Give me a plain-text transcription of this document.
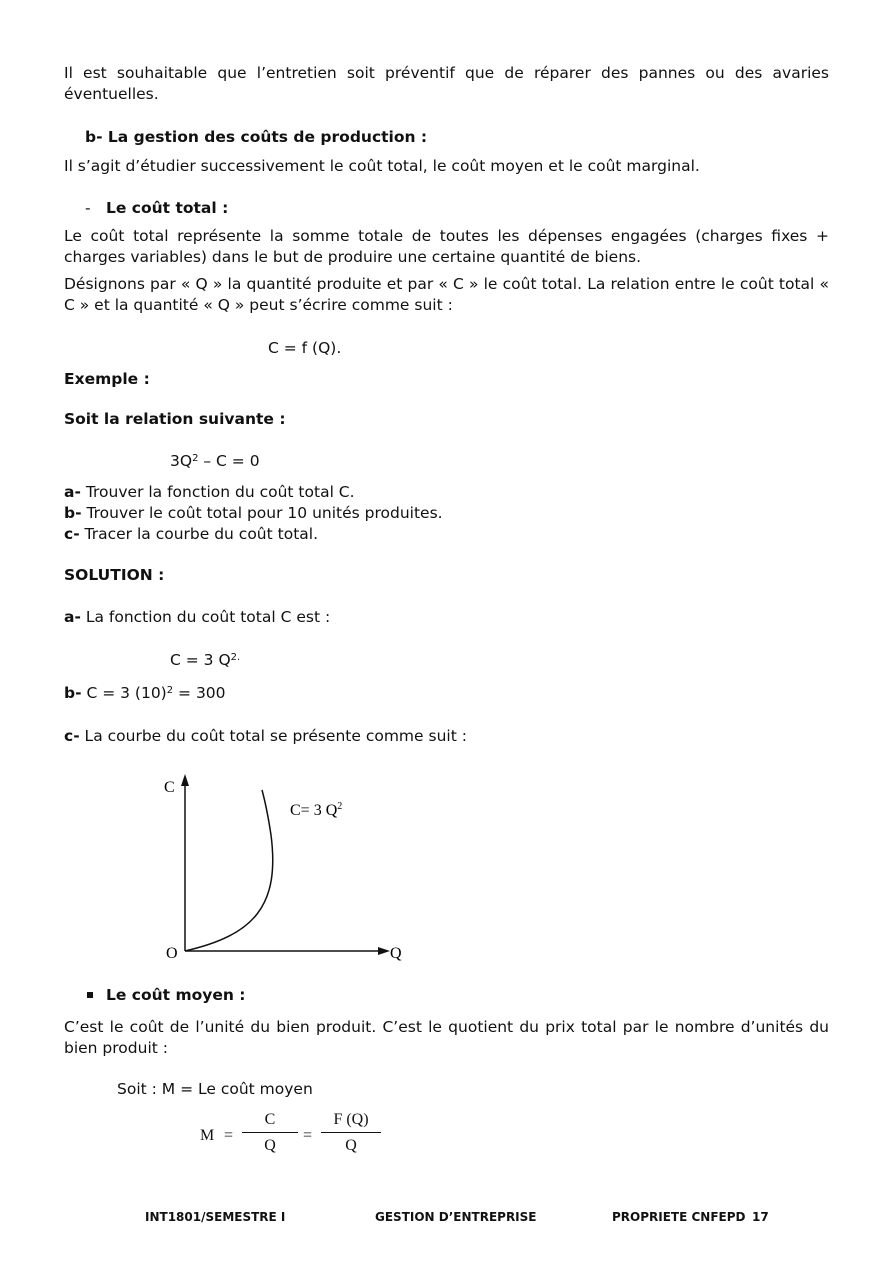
Il est souhaitable que l’entretien soit préventif que de réparer des pannes ou des avaries éventuelles.
b- La gestion des coûts de production :
Il s’agit d’étudier successivement le coût total, le coût moyen et le coût marginal.
- Le coût total :
Le coût total représente la somme totale de toutes les dépenses engagées (charges fixes + charges variables) dans le but de produire une certaine quantité de biens.
Désignons par « Q » la quantité produite et par « C » le coût total. La relation entre le coût total « C » et la quantité « Q » peut s’écrire comme suit :
C = f (Q).
Exemple :
Soit la relation suivante :
$3Q^2 - C = 0$
a- Trouver la fonction du coût total C.
b- Trouver le coût total pour 10 unités produites.
c- Tracer la courbe du coût total.
SOLUTION :
a- La fonction du coût total C est :
C = 3 $Q^{2.}$
b- C = 3 $(10)^2 = 300$
c- La courbe du coût total se présente comme suit :
C
Q
O
C= 3 $Q^2$
Le coût moyen :
C’est le coût de l’unité du bien produit. C’est le quotient du prix total par le nombre d’unités du bien produit :
Soit : M = Le coût moyen
$M = \frac{C}{Q} = \frac{F (Q)}{Q}$
INT1801/SEMESTRE I	GESTION D’ENTREPRISE	PROPRIETE CNFEPD 17
